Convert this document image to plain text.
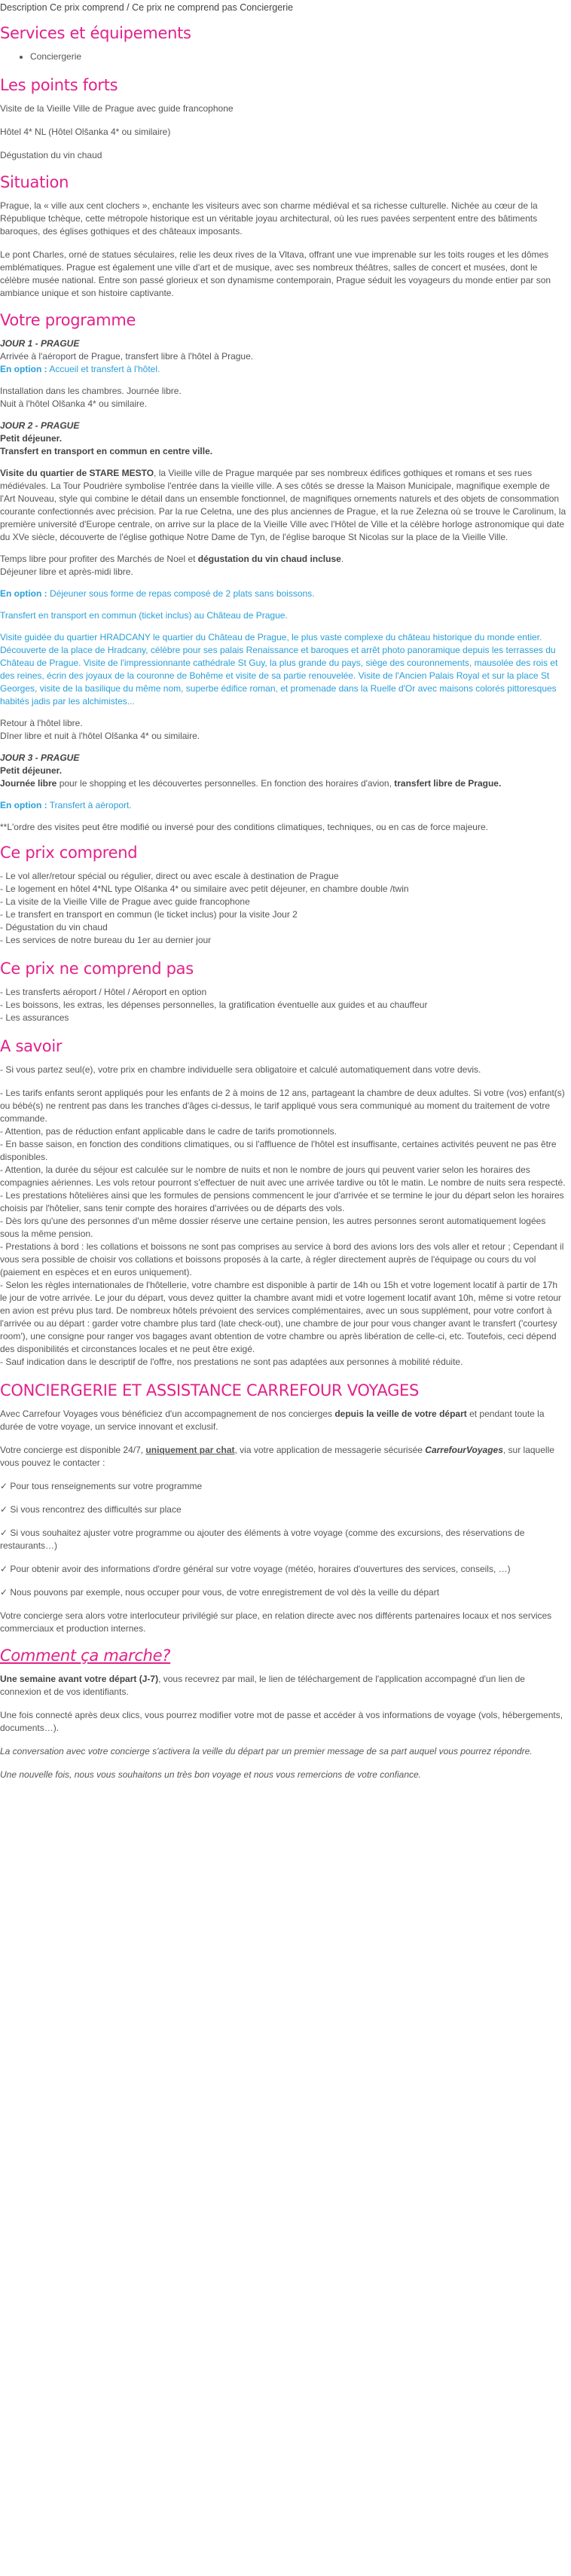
Description Ce prix comprend / Ce prix ne comprend pas Conciergerie
Services et équipements
• Conciergerie
Les points forts

Visite de la Vieille Ville de Prague avec guide francophone

Hôtel 4* NL (Hôtel Olšanka 4* ou similaire)

Dégustation du vin chaud

Situation

Prague, la « ville aux cent clochers », enchante les visiteurs avec son charme médiéval et sa richesse culturelle. Nichée au cœur de la République tchèque, cette métropole historique est un véritable joyau architectural, où les rues pavées serpentent entre des bâtiments baroques, des églises gothiques et des châteaux imposants.

Le pont Charles, orné de statues séculaires, relie les deux rives de la Vltava, offrant une vue imprenable sur les toits rouges et les dômes emblématiques. Prague est également une ville d'art et de musique, avec ses nombreux théâtres, salles de concert et musées, dont le célèbre musée national. Entre son passé glorieux et son dynamisme contemporain, Prague séduit les voyageurs du monde entier par son ambiance unique et son histoire captivante.

Votre programme
JOUR 1 - PRAGUE
Arrivée à l'aéroport de Prague, transfert libre à l'hôtel à Prague.

En option : Accueil et transfert à l'hôtel.

Installation dans les chambres. Journée libre.

Nuit à l'hôtel Olšanka 4* ou similaire.

JOUR 2 - PRAGUE
Petit déjeuner.

Transfert en transport en commun en centre ville.

Visite du quartier de STARE MESTO, la Vieille ville de Prague marquée par ses nombreux édifices gothiques et romans et ses rues médiévales. La Tour Poudrière symbolise l'entrée dans la vieille ville. A ses côtés se dresse la Maison Municipale, magnifique exemple de l'Art Nouveau, style qui combine le détail dans un ensemble fonctionnel, de magnifiques ornements naturels et des objets de consommation courante confectionnés avec précision. Par la rue Celetna, une des plus anciennes de Prague, et la rue Zelezna où se trouve le Carolinum, la première université d'Europe centrale, on arrive sur la place de la Vieille Ville avec l'Hôtel de Ville et la célèbre horloge astronomique qui date du XVe siècle, découverte de l'église gothique Notre Dame de Tyn, de l'église baroque St Nicolas sur la place de la Vieille Ville.

Temps libre pour profiter des Marchés de Noel et dégustation du vin chaud incluse.

Déjeuner libre et après-midi libre.

En option : Déjeuner sous forme de repas composé de 2 plats sans boissons.

Transfert en transport en commun (ticket inclus) au Château de Prague.

Visite guidée du quartier HRADCANY le quartier du Château de Prague, le plus vaste complexe du château historique du monde entier. Découverte de la place de Hradcany, célèbre pour ses palais Renaissance et baroques et arrêt photo panoramique depuis les terrasses du Château de Prague. Visite de l'impressionnante cathédrale St Guy, la plus grande du pays, siège des couronnements, mausolée des rois et des reines, écrin des joyaux de la couronne de Bohême et visite de sa partie renouvelée. Visite de l'Ancien Palais Royal et sur la place St Georges, visite de la basilique du même nom, superbe édifice roman, et promenade dans la Ruelle d'Or avec maisons colorés pittoresques habités jadis par les alchimistes...

Retour à l'hôtel libre.

Dîner libre et nuit à l'hôtel Olšanka 4* ou similaire.

JOUR 3 - PRAGUE
Petit déjeuner.

Journée libre pour le shopping et les découvertes personnelles. En fonction des horaires d'avion, transfert libre de Prague.

En option : Transfert à aéroport.

**L'ordre des visites peut être modifié ou inversé pour des conditions climatiques, techniques, ou en cas de force majeure.

Ce prix comprend
- Le vol aller/retour spécial ou régulier, direct ou avec escale à destination de Prague
- Le logement en hôtel 4*NL type Olšanka 4* ou similaire avec petit déjeuner, en chambre double /twin
- La visite de la Vieille Ville de Prague avec guide francophone
- Le transfert en transport en commun (le ticket inclus) pour la visite Jour 2
- Dégustation du vin chaud
- Les services de notre bureau du 1er au dernier jour
Ce prix ne comprend pas
- Les transferts aéroport / Hôtel / Aéroport en option
- Les boissons, les extras, les dépenses personnelles, la gratification éventuelle aux guides et au chauffeur
- Les assurances
A savoir

- Si vous partez seul(e), votre prix en chambre individuelle sera obligatoire et calculé automatiquement dans votre devis.

- Les tarifs enfants seront appliqués pour les enfants de 2 à moins de 12 ans, partageant la chambre de deux adultes. Si votre (vos) enfant(s) ou bébé(s) ne rentrent pas dans les tranches d'âges ci-dessus, le tarif appliqué vous sera communiqué au moment du traitement de votre commande.
- Attention, pas de réduction enfant applicable dans le cadre de tarifs promotionnels.
- En basse saison, en fonction des conditions climatiques, ou si l'affluence de l'hôtel est insuffisante, certaines activités peuvent ne pas être disponibles.
- Attention, la durée du séjour est calculée sur le nombre de nuits et non le nombre de jours qui peuvent varier selon les horaires des compagnies aériennes. Les vols retour pourront s'effectuer de nuit avec une arrivée tardive ou tôt le matin. Le nombre de nuits sera respecté.
- Les prestations hôtelières ainsi que les formules de pensions commencent le jour d'arrivée et se termine le jour du départ selon les horaires choisis par l'hôtelier, sans tenir compte des horaires d'arrivées ou de départs des vols.
- Dès lors qu'une des personnes d'un même dossier réserve une certaine pension, les autres personnes seront automatiquement logées sous la même pension.
- Prestations à bord : les collations et boissons ne sont pas comprises au service à bord des avions lors des vols aller et retour ; Cependant il vous sera possible de choisir vos collations et boissons proposés à la carte, à régler directement auprès de l'équipage ou cours du vol (paiement en espèces et en euros uniquement).
- Selon les règles internationales de l'hôtellerie, votre chambre est disponible à partir de 14h ou 15h et votre logement locatif à partir de 17h le jour de votre arrivée. Le jour du départ, vous devez quitter la chambre avant midi et votre logement locatif avant 10h, même si votre retour en avion est prévu plus tard. De nombreux hôtels prévoient des services complémentaires, avec un sous supplément, pour votre confort à l'arrivée ou au départ : garder votre chambre plus tard (late check-out), une chambre de jour pour vous changer avant le transfert ('courtesy room'), une consigne pour ranger vos bagages avant obtention de votre chambre ou après libération de celle-ci, etc. Toutefois, ceci dépend des disponibilités et circonstances locales et ne peut être exigé.
- Sauf indication dans le descriptif de l'offre, nos prestations ne sont pas adaptées aux personnes à mobilité réduite.
CONCIERGERIE ET ASSISTANCE CARREFOUR VOYAGES

Avec Carrefour Voyages vous bénéficiez d'un accompagnement de nos concierges depuis la veille de votre départ et pendant toute la durée de votre voyage, un service innovant et exclusif.

Votre concierge est disponible 24/7, uniquement par chat, via votre application de messagerie sécurisée CarrefourVoyages, sur laquelle vous pouvez le contacter :

✓ Pour tous renseignements sur votre programme

✓ Si vous rencontrez des difficultés sur place

✓ Si vous souhaitez ajuster votre programme ou ajouter des éléments à votre voyage (comme des excursions, des réservations de restaurants…)

✓ Pour obtenir avoir des informations d'ordre général sur votre voyage (météo, horaires d'ouvertures des services, conseils, …)

✓ Nous pouvons par exemple, nous occuper pour vous, de votre enregistrement de vol dès la veille du départ

Votre concierge sera alors votre interlocuteur privilégié sur place, en relation directe avec nos différents partenaires locaux et nos services commerciaux et production internes.

Comment ça marche?

Une semaine avant votre départ (J-7), vous recevrez par mail, le lien de téléchargement de l'application accompagné d'un lien de connexion et de vos identifiants.

Une fois connecté après deux clics, vous pourrez modifier votre mot de passe et accéder à vos informations de voyage (vols, hébergements, documents…).

La conversation avec votre concierge s'activera la veille du départ par un premier message de sa part auquel vous pourrez répondre.

Une nouvelle fois, nous vous souhaitons un très bon voyage et nous vous remercions de votre confiance.
